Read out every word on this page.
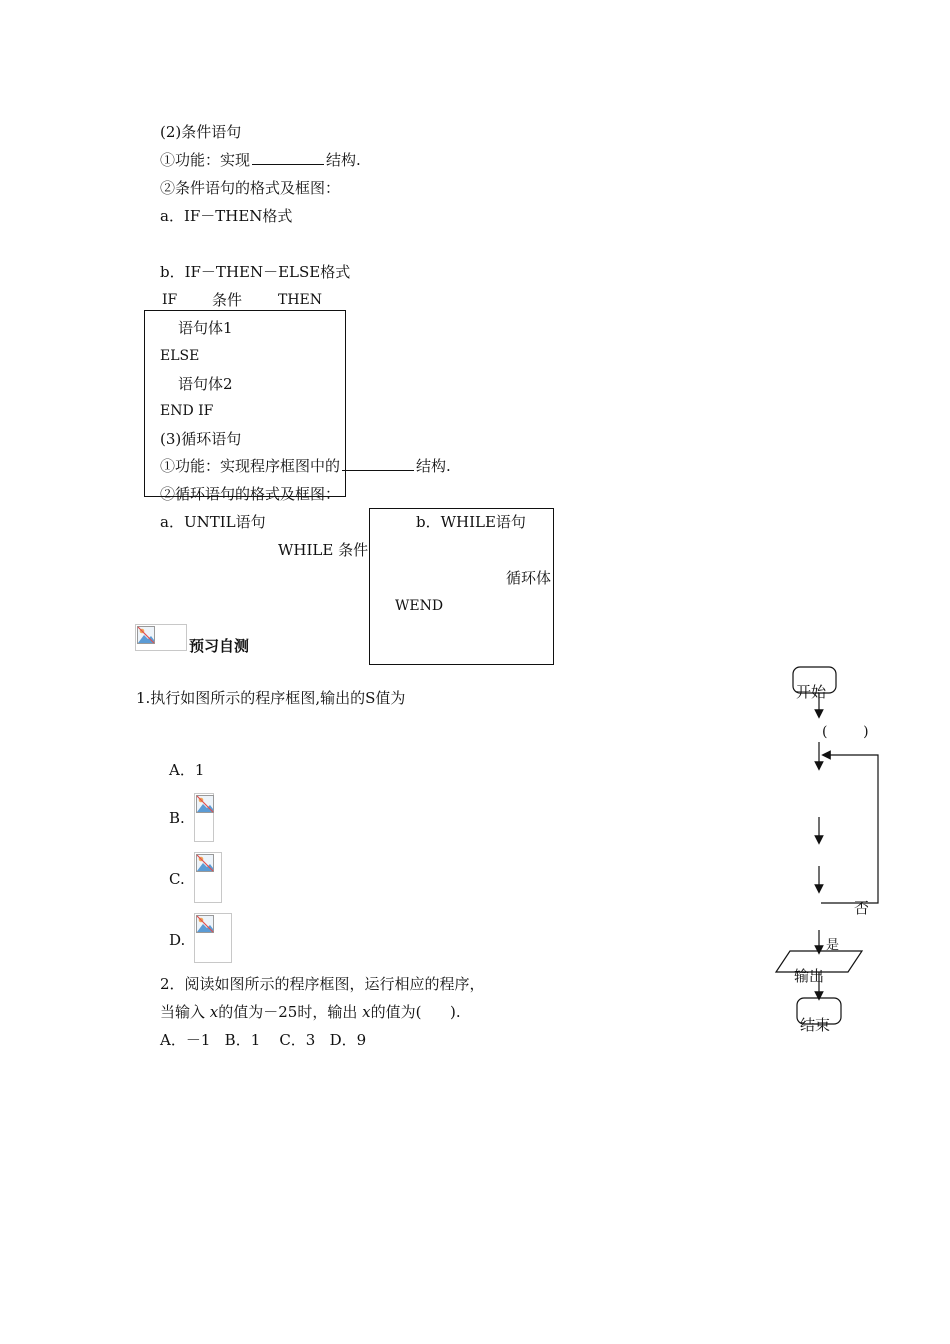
(2)条件语句
①功能：实现	结构.
②条件语句的格式及框图：
a．IF－THEN格式
b．IF－THEN－ELSE格式
IF 条件	THEN
语句体1
ELSE
语句体2
END IF
(3)循环语句
①功能：实现程序框图中的	结构.
②循环语句的格式及框图：
a．UNTIL语句	b．WHILE语句
WHILE 条件
循环体
WEND
预习自测
1.执行如图所示的程序框图,输出的S值为
(        )
A．1
B.
C.
D.
2．阅读如图所示的程序框图，运行相应的程序，
当输入 x的值为－25时，输出 x的值为(      ).
A．－1   B．1    C．3   D．9
开始
否
是
输出
结束
